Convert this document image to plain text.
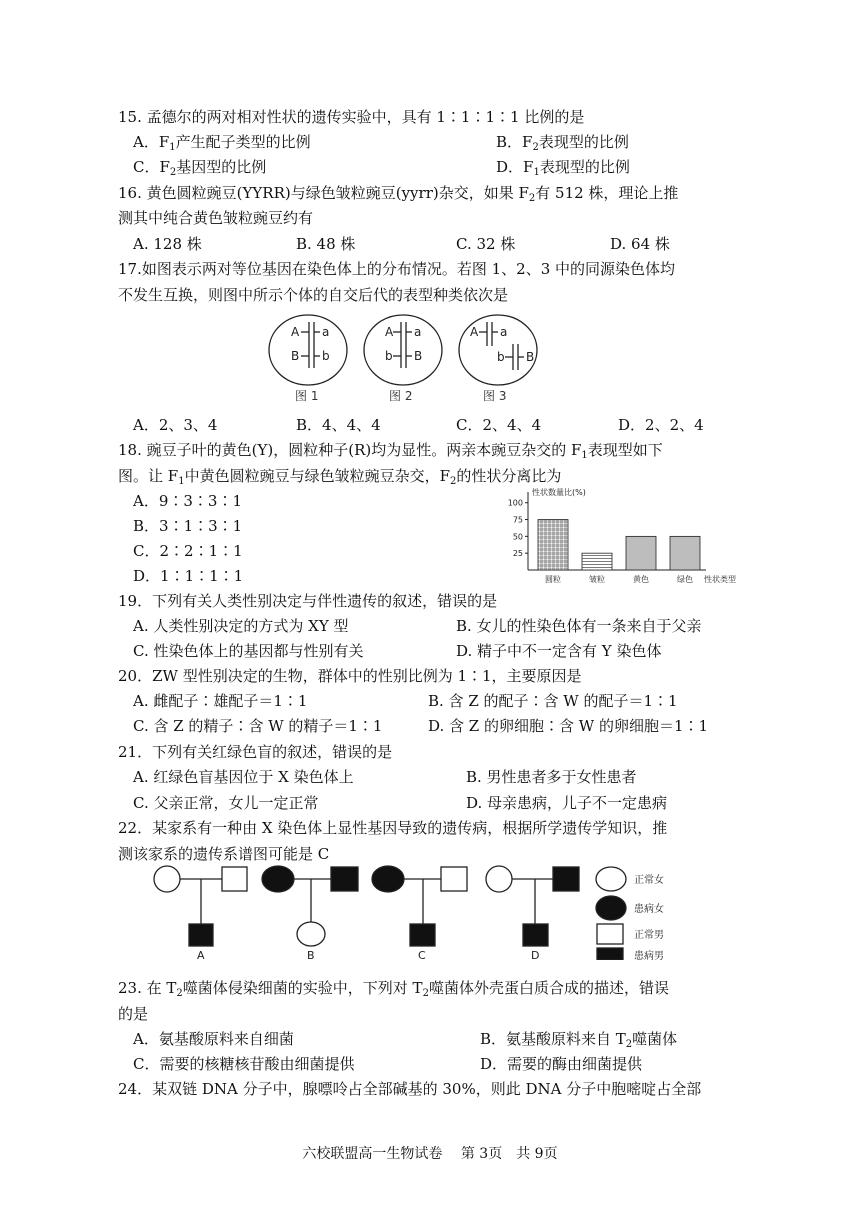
15. 孟德尔的两对相对性状的遗传实验中，具有 1∶1∶1∶1 比例的是
A．$F_1$产生配子类型的比例	B．$F_2$表现型的比例
C．$F_2$基因型的比例	D．$F_1$表现型的比例
16. 黄色圆粒豌豆(YYRR)与绿色皱粒豌豆(yyrr)杂交，如果 $F_2$有 512 株，理论上推
测其中纯合黄色皱粒豌豆约有
A. 128 株	B. 48 株	C. 32 株	D. 64 株
17.如图表示两对等位基因在染色体上的分布情况。若图 1、2、3 中的同源染色体均
不发生互换，则图中所示个体的自交后代的表型种类依次是
A a
B b
A a
b B
A a
b B
图 1	图 2	图 3
A．2、3、4	B．4、4、4	C．2、4、4	D．2、2、4
18. 豌豆子叶的黄色(Y)，圆粒种子(R)均为显性。两亲本豌豆杂交的 $F_1$表现型如下
图。让 $F_1$中黄色圆粒豌豆与绿色皱粒豌豆杂交，$F_2$的性状分离比为
A．9∶3∶3∶1
B．3∶1∶3∶1
C．2∶2∶1∶1
D．1∶1∶1∶1
25
50
75
100
圆粒	皱粒	黄色	绿色
性状数量比(%)
性状类型
19．下列有关人类性别决定与伴性遗传的叙述，错误的是
A. 人类性别决定的方式为 XY 型	B. 女儿的性染色体有一条来自于父亲
C. 性染色体上的基因都与性别有关	D. 精子中不一定含有 Y 染色体
20．ZW 型性别决定的生物，群体中的性别比例为 1∶1，主要原因是
A. 雌配子∶雄配子＝1∶1	B. 含 Z 的配子∶含 W 的配子＝1∶1
C. 含 Z 的精子∶含 W 的精子＝1∶1	D. 含 Z 的卵细胞∶含 W 的卵细胞＝1∶1
21．下列有关红绿色盲的叙述，错误的是
A. 红绿色盲基因位于 X 染色体上	B. 男性患者多于女性患者
C. 父亲正常，女儿一定正常	D. 母亲患病，儿子不一定患病
22．某家系有一种由 X 染色体上显性基因导致的遗传病，根据所学遗传学知识，推
测该家系的遗传系谱图可能是 C
A	B	C	D
正常女
患病女
正常男
患病男
23. 在 $T_2$噬菌体侵染细菌的实验中，下列对 $T_2$噬菌体外壳蛋白质合成的描述，错误
的是
A．氨基酸原料来自细菌	B．氨基酸原料来自 $T_2$噬菌体
C．需要的核糖核苷酸由细菌提供	D．需要的酶由细菌提供
24．某双链 DNA 分子中，腺嘌呤占全部碱基的 30%，则此 DNA 分子中胞嘧啶占全部
六校联盟高一生物试卷　 第 3页　共 9页
